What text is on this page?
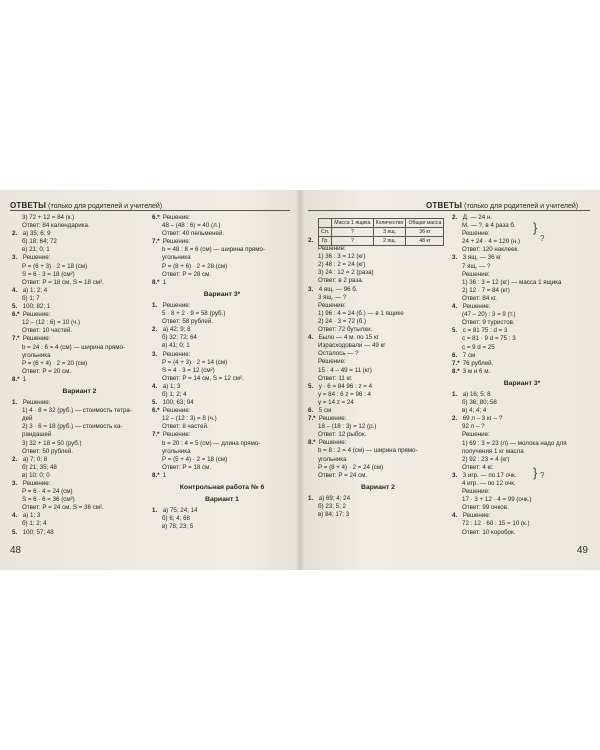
ОТВЕТЫ (только для родителей и учителей)
3) 72 + 12 = 84 (к.)
Ответ: 84 календарика.
2. а) 35; 6; 9
б) 18; 64; 72
в) 21; 0; 1
3. Решение:
P = (6 + 3) · 2 = 18 (см)
S = 6 · 3 = 18 (см²)
Ответ: P = 18 см, S = 18 см².
4. а) 1; 2; 4
б) 1; 7
5. 100; 82; 1
6.* Решение:
12 – (12 : 6) = 10 (ч.)
Ответ: 10 частей.
7.* Решение:
b = 24 : 6 = 4 (см) — ширина прямо-
угольника
P = (6 + 4) · 2 = 20 (см)
Ответ: P = 20 см.
8.* 1
Вариант 2
1. Решение:
1) 4 · 8 = 32 (руб.) — стоимость тетра-
дей
2) 3 · 6 = 18 (руб.) — стоимость ка-
рандашей
3) 32 + 18 = 50 (руб.)
Ответ: 50 рублей.
2. а) 7; 0; 8
б) 21; 35; 48
в) 10; 0; 0
3. Решение:
P = 6 · 4 = 24 (см)
S = 6 · 6 = 36 (см²)
Ответ: P = 24 см, S = 36 см².
4. а) 1; 3
б) 1; 2; 4
5. 100; 57; 48
6.* Решение:
48 – (48 : 6) = 40 (л.)
Ответ: 40 пельменей.
7.* Решение:
b = 48 : 8 = 6 (см) — ширина прямо-
угольника
P = (8 + 6) · 2 = 28 (см)
Ответ: P = 28 см.
8.* 1
Вариант 3*
1. Решение:
5 · 8 + 2 · 9 = 58 (руб.)
Ответ: 58 рублей.
2. а) 42; 9; 8
б) 32; 72; 64
в) 41; 0; 1
3. Решение:
P = (4 + 3) · 2 = 14 (см)
S = 4 · 3 = 12 (см²)
Ответ: P = 14 см, S = 12 см².
4. а) 1; 3
б) 1; 2; 4
5. 100; 63; 94
6.* Решение:
12 – (12 : 3) = 8 (ч.)
Ответ: 8 частей.
7.* Решение:
b = 20 : 4 = 5 (см) — длина прямо-
угольника
P = (5 + 4) · 2 = 18 (см)
Ответ: P = 18 см.
8.* 1
Контрольная работа № 6
Вариант 1
1. а) 75; 24; 14
б) 6; 4; 68
в) 78; 23; 5
48
ОТВЕТЫ (только для родителей и учителей)
	Масса 1 ящика	Количество	Общая масса
Сл.	?	3 ящ.	36 кг
Гр.	?	2 ящ.	48 кг
2.
Решение:
1) 36 : 3 = 12 (кг)
2) 48 : 2 = 24 (кг)
3) 24 : 12 = 2 (раза)
Ответ: в 2 раза.
3. 4 ящ. — 96 б.
3 ящ. — ?
Решение:
1) 96 : 4 = 24 (б.) — в 1 ящике
2) 24 · 3 = 72 (б.)
Ответ: 72 бутылки.
4. Было — 4 м. по 15 кг
Израсходовали — 49 кг
Осталось — ?
Решение:
15 · 4 – 49 = 11 (кг)
Ответ: 11 кг.
5. у · 6 = 84 96 : z = 4
у = 84 : 6 z = 96 : 4
у = 14 z = 24
6. 5 см
7.* Решение:
18 – (18 : 3) = 12 (р.)
Ответ: 12 рыбок.
8.* Решение:
b = 8 : 2 = 4 (см) — ширина прямо-
угольника
P = (8 + 4) · 2 = 24 (см)
Ответ: P = 24 см.
Вариант 2
1. а) 69; 4; 24
б) 23; 5; 2
в) 84; 17; 3
2. Д. — 24 н.
М. — ?, в 4 раза б.
Решение:
24 + 24 · 4 = 120 (н.)
Ответ: 120 наклеек.
3. 3 ящ. — 36 кг
7 ящ. — ?
Решение:
1) 36 : 3 = 12 (кг) — масса 1 ящика
2) 12 · 7 = 84 (кг)
Ответ: 84 кг.
4. Решение:
(47 – 20) : 3 = 9 (т.)
Ответ: 9 туристов.
5. c = 81 75 : d = 3
c = 81 · 9 d = 75 : 3
c = 9 d = 25
6. 7 см
7.* 76 рублей.
8.* 3 м и 6 м.
Вариант 3*
1. а) 16; 5; 8
б) 36; 80; 58
в) 4; 4; 4
2. 69 л – 3 кг – ?
92 л – ?
Решение:
1) 69 : 3 = 23 (л) — молока надо для
получения 1 кг масла
2) 92 : 23 = 4 (кг)
Ответ: 4 кг.
3. 3 игр. — по 17 очк.
4 игр. — по 12 очк.
Решение:
17 · 3 + 12 · 4 = 99 (очк.)
Ответ: 99 очков.
4. Решение:
72 : 12 · 60 : 15 = 10 (к.)
Ответ: 10 коробок.
}
?
} ?
49
